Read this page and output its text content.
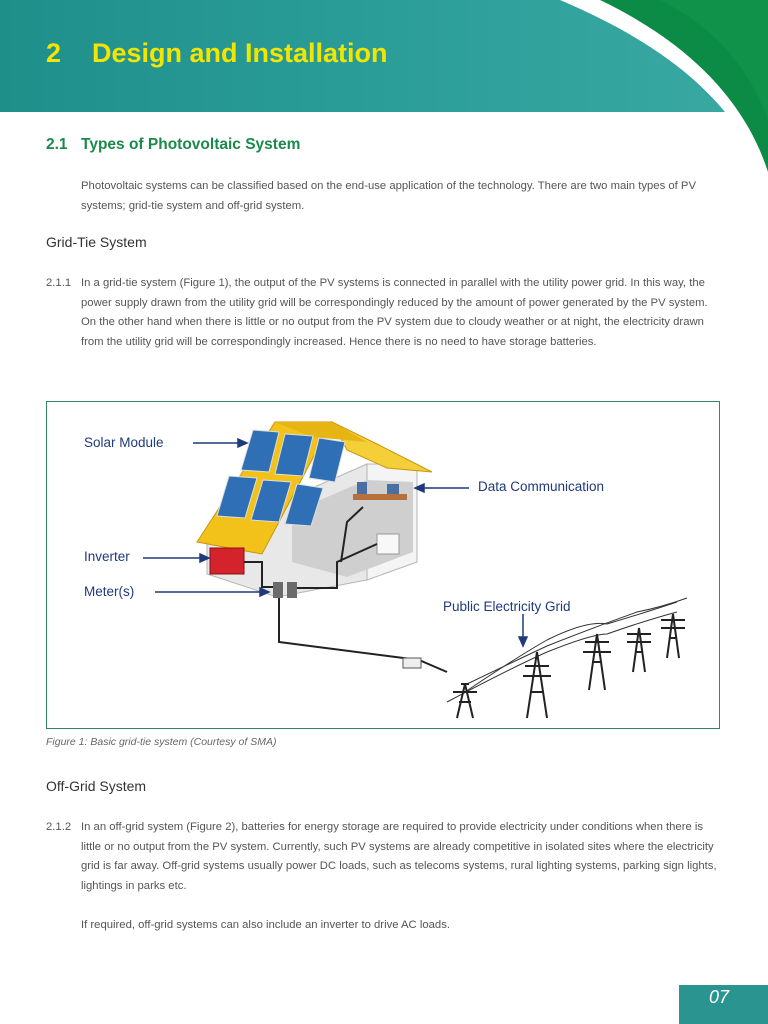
2 Design and Installation
2.1 Types of Photovoltaic System
Photovoltaic systems can be classified based on the end-use application of the technology. There are two main types of PV systems; grid-tie system and off-grid system.
Grid-Tie System
2.1.1 In a grid-tie system (Figure 1), the output of the PV systems is connected in parallel with the utility power grid. In this way, the power supply drawn from the utility grid will be correspondingly reduced by the amount of power generated by the PV system. On the other hand when there is little or no output from the PV system due to cloudy weather or at night, the electricity drawn from the utility grid will be correspondingly increased. Hence there is no need to have storage batteries.
Solar Module
Data Communication
Inverter
Meter(s)
Public Electricity Grid
Figure 1: Basic grid-tie system (Courtesy of SMA)
Off-Grid System
2.1.2 In an off-grid system (Figure 2), batteries for energy storage are required to provide electricity under conditions when there is little or no output from the PV system. Currently, such PV systems are already competitive in isolated sites where the electricity grid is far away. Off-grid systems usually power DC loads, such as telecoms systems, rural lighting systems, parking sign lights, lightings in parks etc.
If required, off-grid systems can also include an inverter to drive AC loads.
07
